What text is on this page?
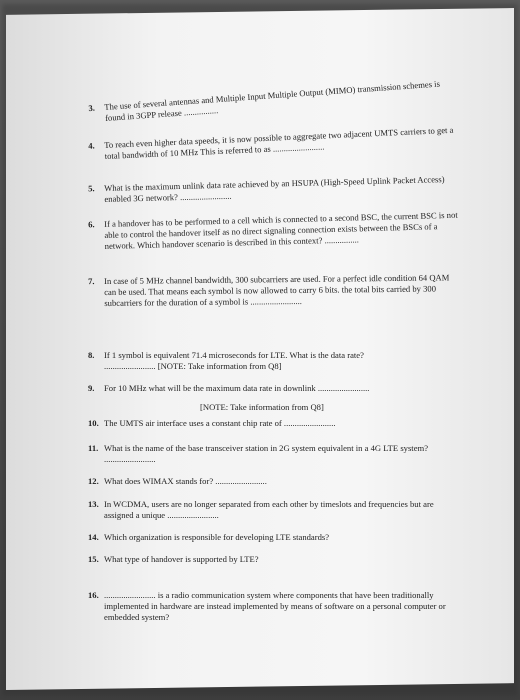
3. The use of several antennas and Multiple Input Multiple Output (MIMO) transmission schemes is found in 3GPP release ................
4. To reach even higher data speeds, it is now possible to aggregate two adjacent UMTS carriers to get a total bandwidth of 10 MHz This is referred to as ........................
5. What is the maximum unlink data rate achieved by an HSUPA (High-Speed Uplink Packet Access) enabled 3G network? ........................
6. If a handover has to be performed to a cell which is connected to a second BSC, the current BSC is not able to control the handover itself as no direct signaling connection exists between the BSCs of a network. Which handover scenario is described in this context? ................
7. In case of 5 MHz channel bandwidth, 300 subcarriers are used. For a perfect idle condition 64 QAM can be used. That means each symbol is now allowed to carry 6 bits. the total bits carried by 300 subcarriers for the duration of a symbol is ........................
8. If 1 symbol is equivalent 71.4 microseconds for LTE. What is the data rate? ........................ [NOTE: Take information from Q8]
9. For 10 MHz what will be the maximum data rate in downlink ........................
[NOTE: Take information from Q8]
10. The UMTS air interface uses a constant chip rate of ........................
11. What is the name of the base transceiver station in 2G system equivalent in a 4G LTE system? ........................
12. What does WIMAX stands for? ........................
13. In WCDMA, users are no longer separated from each other by timeslots and frequencies but are assigned a unique ........................
14. Which organization is responsible for developing LTE standards?
15. What type of handover is supported by LTE?
16. ........................ is a radio communication system where components that have been traditionally implemented in hardware are instead implemented by means of software on a personal computer or embedded system?
